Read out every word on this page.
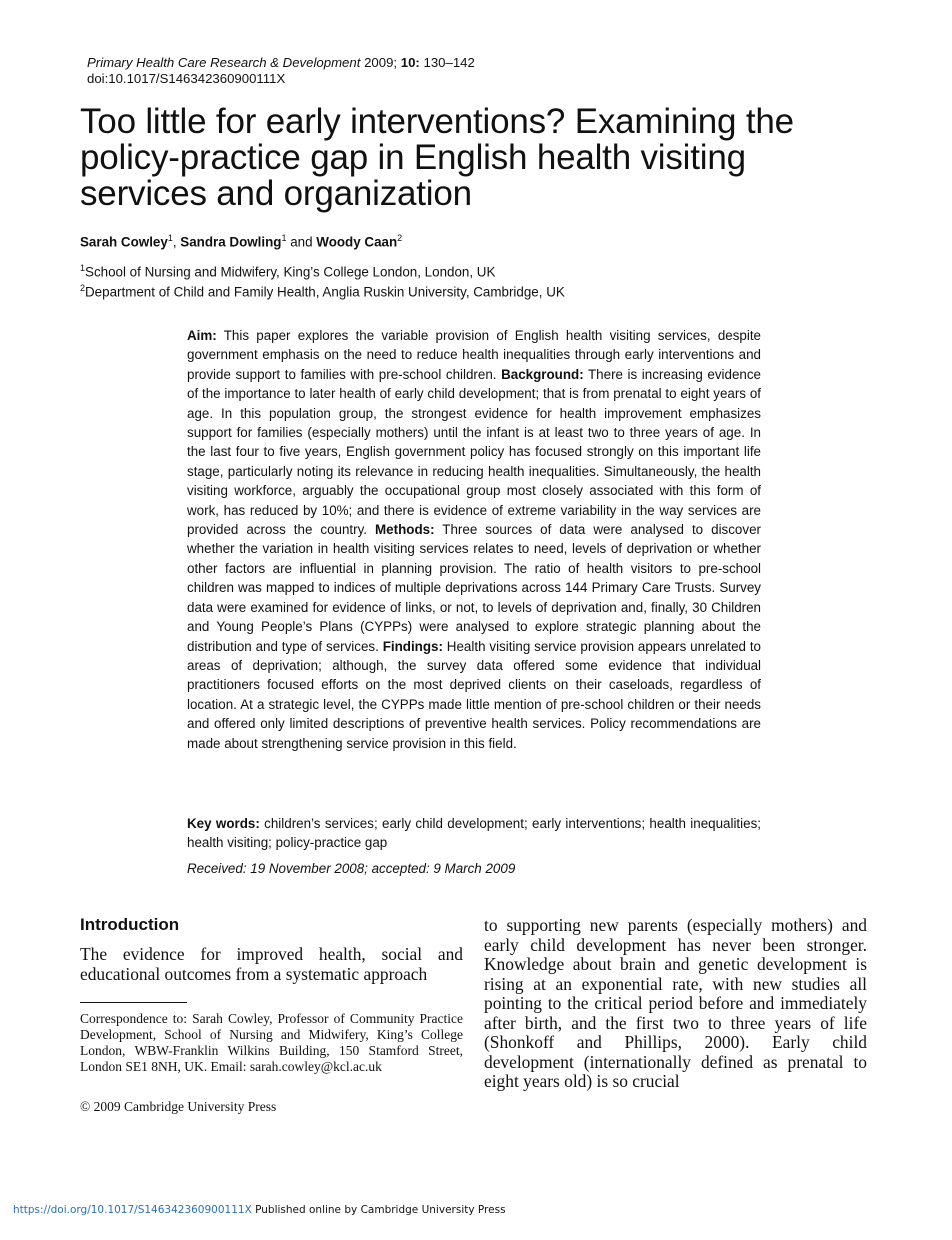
Primary Health Care Research & Development 2009; 10: 130–142
doi:10.1017/S146342360900111X
Too little for early interventions? Examining the policy-practice gap in English health visiting services and organization
Sarah Cowley$^1$, Sandra Dowling$^1$ and Woody Caan$^2$
$^1$School of Nursing and Midwifery, King’s College London, London, UK
$^2$Department of Child and Family Health, Anglia Ruskin University, Cambridge, UK
Aim: This paper explores the variable provision of English health visiting services, despite government emphasis on the need to reduce health inequalities through early interventions and provide support to families with pre-school children. Background: There is increasing evidence of the importance to later health of early child development; that is from prenatal to eight years of age. In this population group, the strongest evidence for health improvement emphasizes support for families (especially mothers) until the infant is at least two to three years of age. In the last four to five years, English government policy has focused strongly on this important life stage, particularly noting its relevance in reducing health inequalities. Simultaneously, the health visiting workforce, arguably the occupational group most closely associated with this form of work, has reduced by 10%; and there is evidence of extreme variability in the way services are provided across the country. Methods: Three sources of data were analysed to discover whether the variation in health visiting services relates to need, levels of deprivation or whether other factors are influential in planning provision. The ratio of health visitors to pre-school children was mapped to indices of multiple deprivations across 144 Primary Care Trusts. Survey data were examined for evidence of links, or not, to levels of deprivation and, finally, 30 Children and Young People’s Plans (CYPPs) were analysed to explore strategic planning about the distribution and type of services. Findings: Health visiting service provision appears unrelated to areas of deprivation; although, the survey data offered some evidence that individual practitioners focused efforts on the most deprived clients on their caseloads, regardless of location. At a strategic level, the CYPPs made little mention of pre-school children or their needs and offered only limited descriptions of preventive health services. Policy recommendations are made about strengthening service provision in this field.
Key words: children’s services; early child development; early interventions; health inequalities; health visiting; policy-practice gap
Received: 19 November 2008; accepted: 9 March 2009
Introduction
The evidence for improved health, social and educational outcomes from a systematic approach
Correspondence to: Sarah Cowley, Professor of Community Practice Development, School of Nursing and Midwifery, King’s College London, WBW-Franklin Wilkins Building, 150 Stamford Street, London SE1 8NH, UK. Email: sarah.cowley@kcl.ac.uk
© 2009 Cambridge University Press
to supporting new parents (especially mothers) and early child development has never been stronger. Knowledge about brain and genetic development is rising at an exponential rate, with new studies all pointing to the critical period before and immediately after birth, and the first two to three years of life (Shonkoff and Phillips, 2000). Early child development (internationally defined as prenatal to eight years old) is so crucial
https://doi.org/10.1017/S146342360900111X Published online by Cambridge University Press
